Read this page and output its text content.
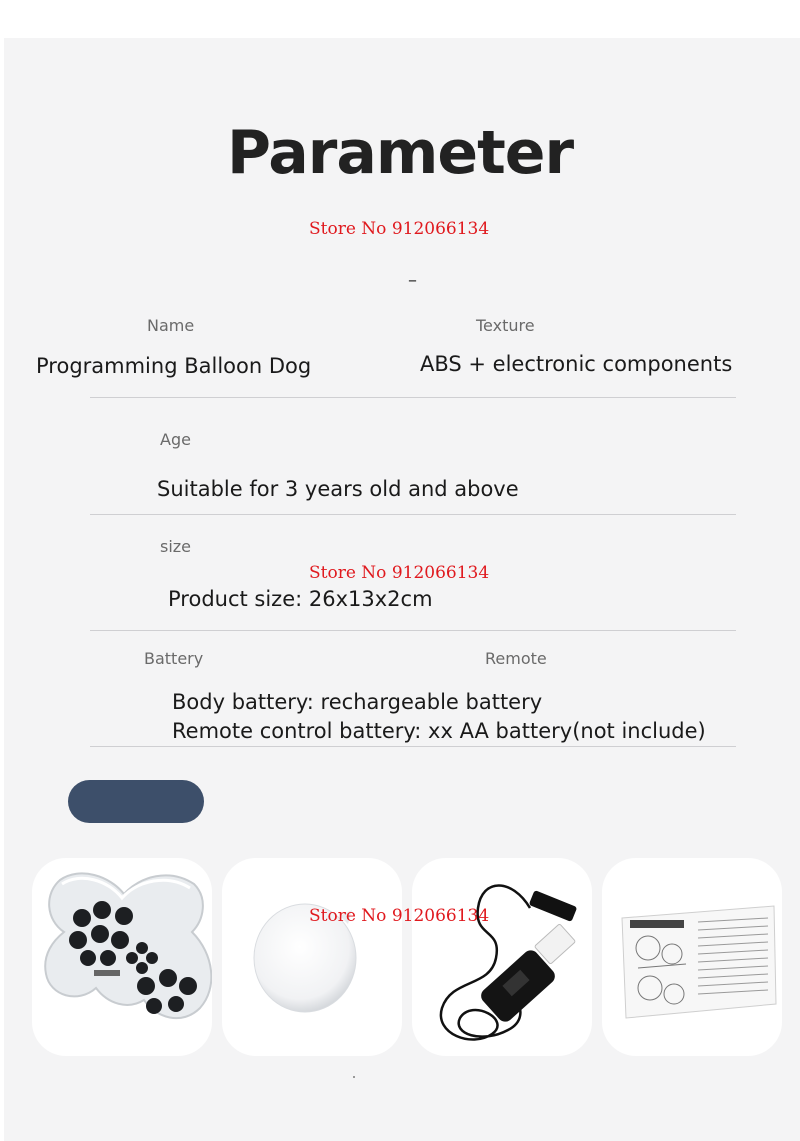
Parameter
Store No 912066134
–
Name	Texture
Programming Balloon Dog	ABS + electronic components
Age
Suitable for 3 years old and above
size
Store No 912066134
Product size: 26x13x2cm
Battery	Remote
Body battery: rechargeable battery
Remote control battery: xx AA battery(not include)
Store No 912066134
